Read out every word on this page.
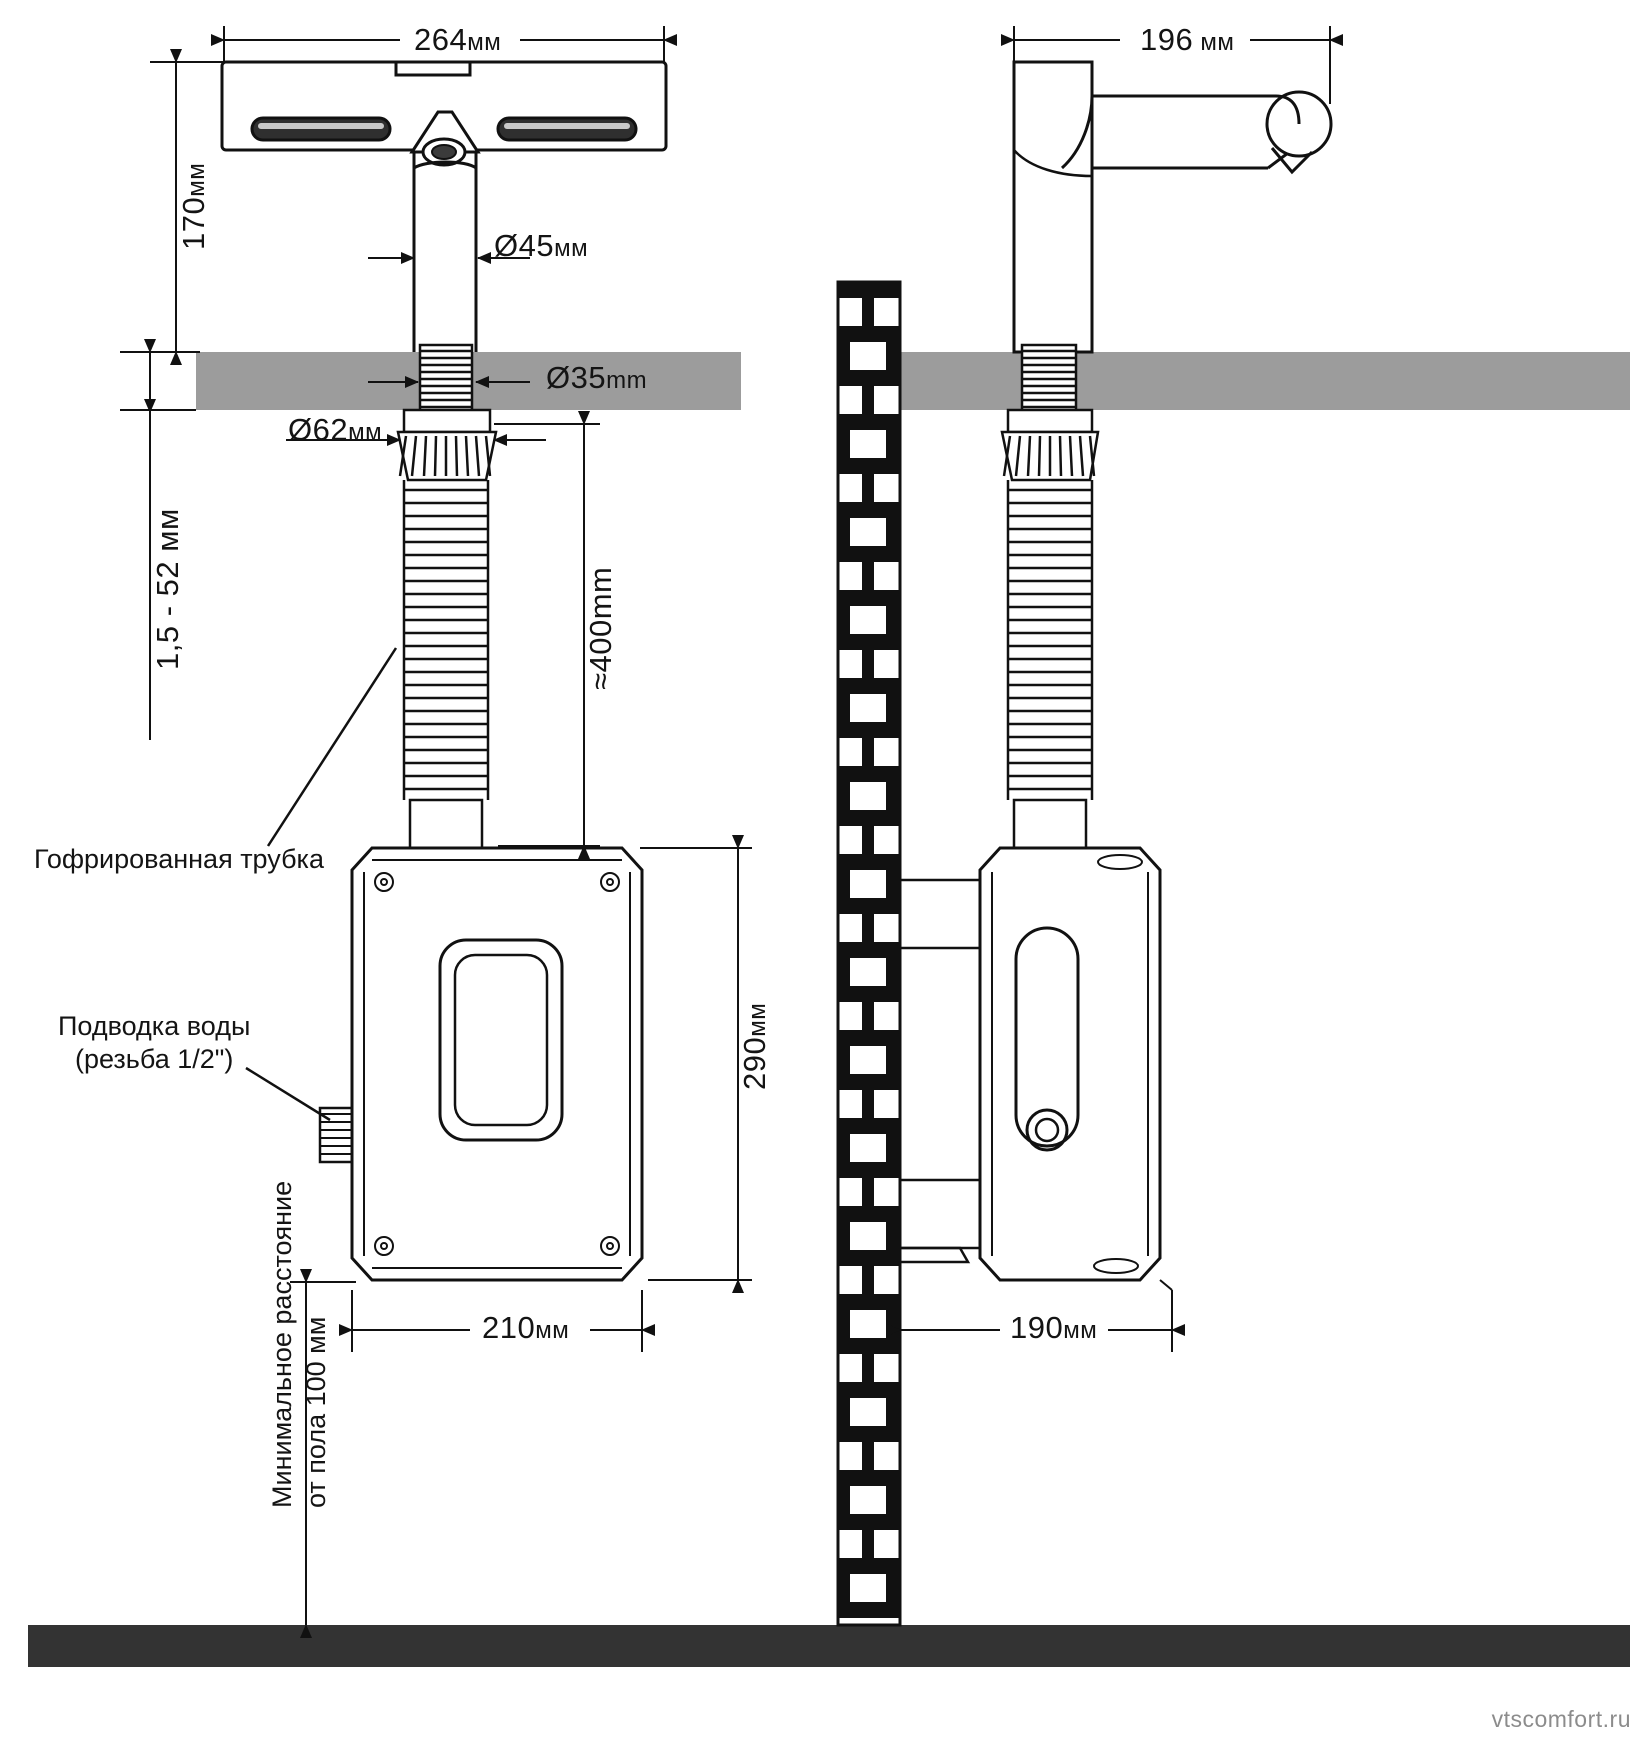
264мм
170мм
Ø45мм
Ø35mm
Ø62мм
1,5 - 52 мм	≈400mm
290мм
210мм
196 мм
190мм
Гофрированная трубка
Подводка воды
(резьба 1/2")
Минимальное расстояние от пола 100 мм
vtscomfort.ru
